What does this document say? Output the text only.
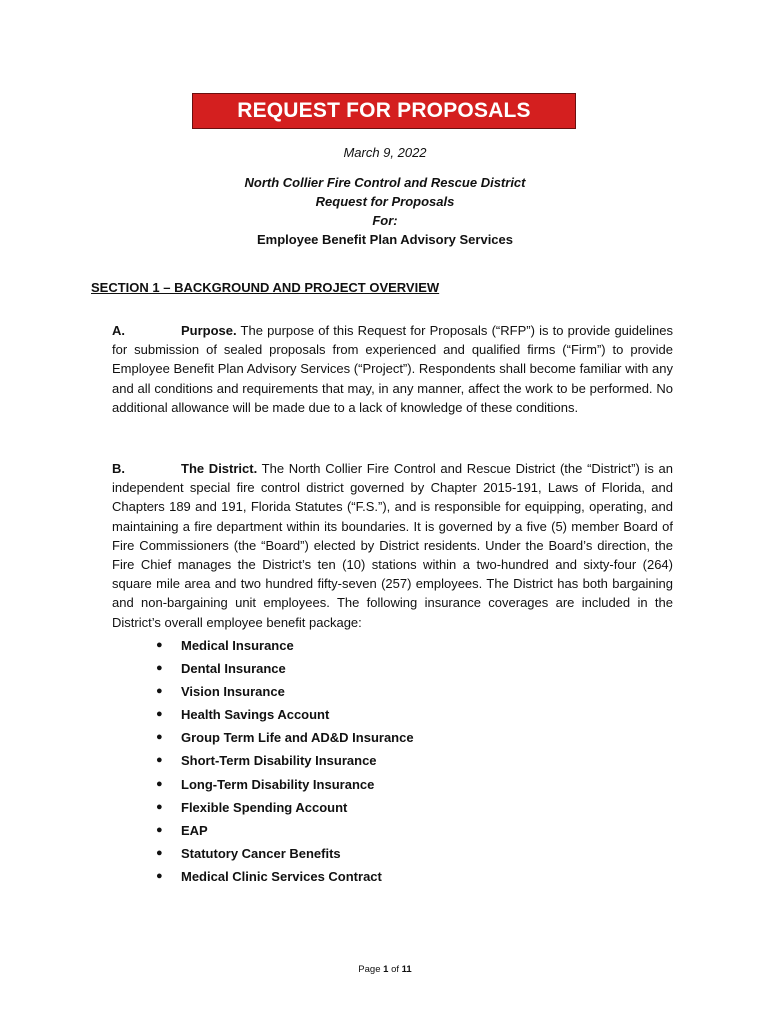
REQUEST FOR PROPOSALS
March 9, 2022
North Collier Fire Control and Rescue District
Request for Proposals
For:
Employee Benefit Plan Advisory Services
SECTION 1 – BACKGROUND AND PROJECT OVERVIEW
A.	Purpose. The purpose of this Request for Proposals (“RFP”) is to provide guidelines for submission of sealed proposals from experienced and qualified firms (“Firm”) to provide Employee Benefit Plan Advisory Services (“Project”). Respondents shall become familiar with any and all conditions and requirements that may, in any manner, affect the work to be performed. No additional allowance will be made due to a lack of knowledge of these conditions.
B.	The District. The North Collier Fire Control and Rescue District (the “District”) is an independent special fire control district governed by Chapter 2015-191, Laws of Florida, and Chapters 189 and 191, Florida Statutes (“F.S.”), and is responsible for equipping, operating, and maintaining a fire department within its boundaries. It is governed by a five (5) member Board of Fire Commissioners (the “Board”) elected by District residents. Under the Board’s direction, the Fire Chief manages the District’s ten (10) stations within a two-hundred and sixty-four (264) square mile area and two hundred fifty-seven (257) employees. The District has both bargaining and non-bargaining unit employees. The following insurance coverages are included in the District’s overall employee benefit package:
●	Medical Insurance
●	Dental Insurance
●	Vision Insurance
●	Health Savings Account
●	Group Term Life and AD&D Insurance
●	Short-Term Disability Insurance
●	Long-Term Disability Insurance
●	Flexible Spending Account
●	EAP
●	Statutory Cancer Benefits
●	Medical Clinic Services Contract
Page 1 of 11
